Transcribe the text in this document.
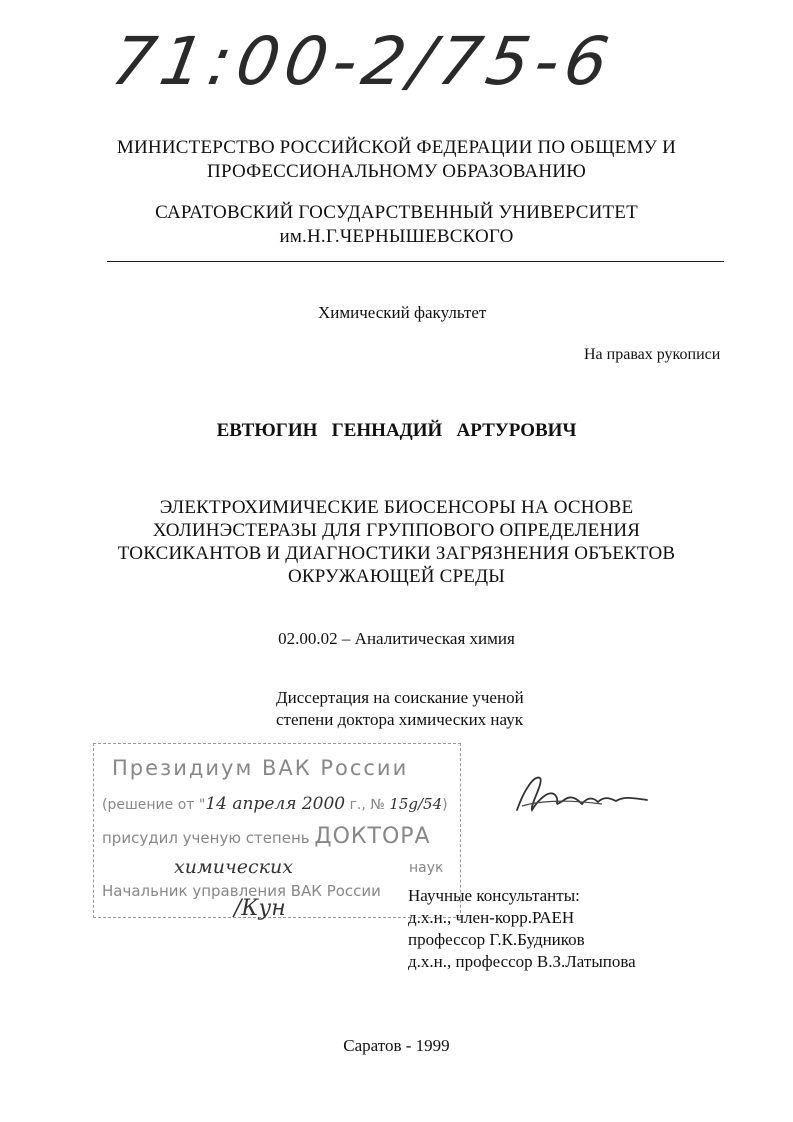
71:00-2/75-6
МИНИСТЕРСТВО РОССИЙСКОЙ ФЕДЕРАЦИИ ПО ОБЩЕМУ И
ПРОФЕССИОНАЛЬНОМУ ОБРАЗОВАНИЮ
САРАТОВСКИЙ ГОСУДАРСТВЕННЫЙ УНИВЕРСИТЕТ
им.Н.Г.ЧЕРНЫШЕВСКОГО
Химический факультет
На правах рукописи
ЕВТЮГИН   ГЕННАДИЙ   АРТУРОВИЧ
ЭЛЕКТРОХИМИЧЕСКИЕ БИОСЕНСОРЫ НА ОСНОВЕ
ХОЛИНЭСТЕРАЗЫ ДЛЯ ГРУППОВОГО ОПРЕДЕЛЕНИЯ
ТОКСИКАНТОВ И ДИАГНОСТИКИ ЗАГРЯЗНЕНИЯ ОБЪЕКТОВ
ОКРУЖАЮЩЕЙ СРЕДЫ
02.00.02 – Аналитическая химия
Диссертация на соискание ученой
степени доктора химических наук
Президиум ВАК России
(решение от "14 апреля 2000 г., № 15g/54)
присудил ученую степень ДОКТОРА
химических	наук
Начальник управления ВАК России
/Кун
Научные консультанты:
д.х.н., член-корр.РАЕН
профессор Г.К.Будников
д.х.н., профессор В.З.Латыпова
Саратов - 1999
